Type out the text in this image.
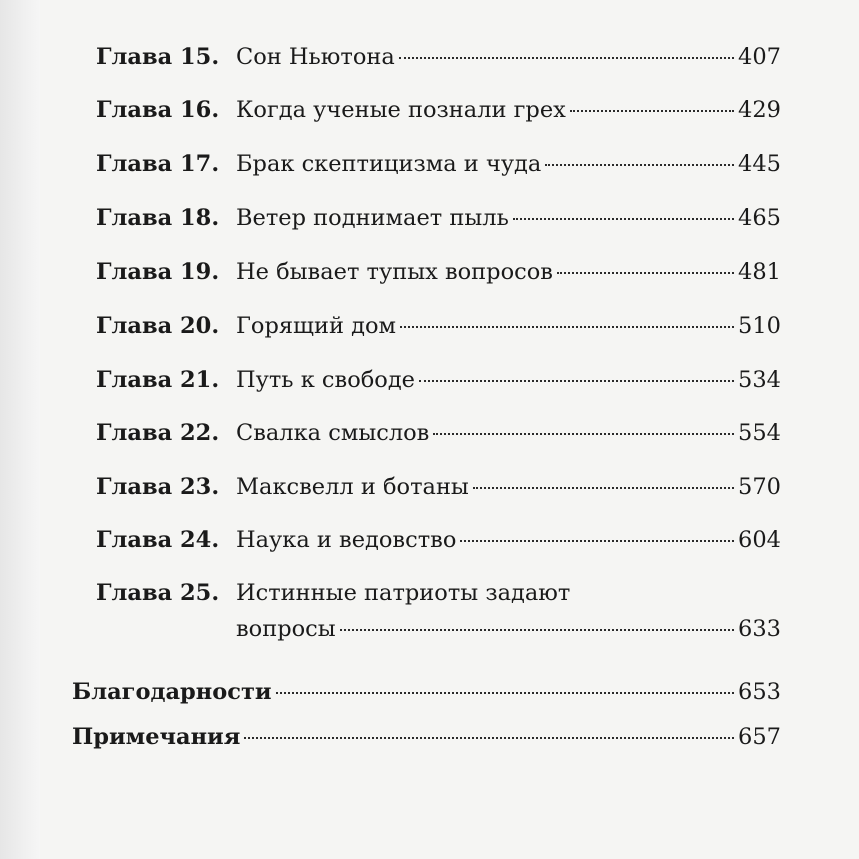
Глава 15. Сон Ньютона	407
Глава 16. Когда ученые познали грех	429
Глава 17. Брак скептицизма и чуда	445
Глава 18. Ветер поднимает пыль	465
Глава 19. Не бывает тупых вопросов	481
Глава 20. Горящий дом	510
Глава 21. Путь к свободе	534
Глава 22. Свалка смыслов	554
Глава 23. Максвелл и ботаны	570
Глава 24. Наука и ведовство	604
Глава 25. Истинные патриоты задают
вопросы	633
Благодарности	653
Примечания	657
